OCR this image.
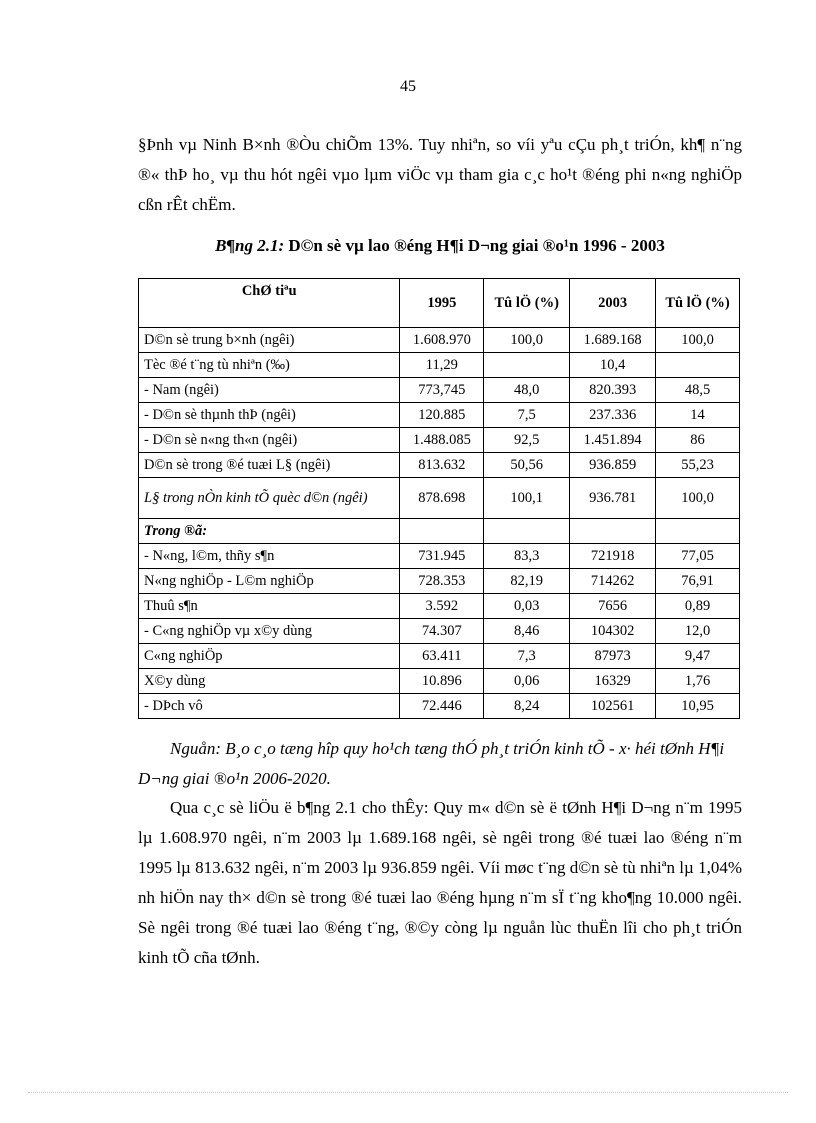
45

§Þnh vµ Ninh B×nh ®Òu chiÕm 13%. Tuy nhiªn, so víi yªu cÇu ph¸t triÓn, kh¶ n¨ng ®« thÞ ho¸ vµ thu hót ngêi vµo lµm viÖc vµ tham gia c¸c ho¹t ®éng phi n«ng nghiÖp cßn rÊt chËm.

B¶ng 2.1: D©n sè vµ lao ®éng H¶i D¬ng giai ®o¹n 1996 - 2003
ChØ tiªu	1995	Tû lÖ (%)	2003	Tû lÖ (%)
D©n sè trung b×nh (ngêi)	1.608.970	100,0	1.689.168	100,0
Tèc ®é t¨ng tù nhiªn (‰)	11,29		10,4	
- Nam (ngêi)	773,745	48,0	820.393	48,5
- D©n sè thµnh thÞ (ngêi)	120.885	7,5	237.336	14
- D©n sè n«ng th«n (ngêi)	1.488.085	92,5	1.451.894	86
D©n sè trong ®é tuæi L§ (ngêi)	813.632	50,56	936.859	55,23
L§ trong nÒn kinh tÕ quèc d©n (ngêi)	878.698	100,1	936.781	100,0
Trong ®ã:				
- N«ng, l©m, thñy s¶n	731.945	83,3	721918	77,05
N«ng nghiÖp - L©m nghiÖp	728.353	82,19	714262	76,91
Thuû s¶n	3.592	0,03	7656	0,89
- C«ng nghiÖp vµ x©y dùng	74.307	8,46	104302	12,0
C«ng nghiÖp	63.411	7,3	87973	9,47
X©y dùng	10.896	0,06	16329	1,76
- DÞch vô	72.446	8,24	102561	10,95

Nguån: B¸o c¸o tæng hîp quy ho¹ch tæng thÓ ph¸t triÓn kinh tÕ - x· héi tØnh H¶i D¬ng giai ®o¹n 2006-2020.

Qua c¸c sè liÖu ë b¶ng 2.1 cho thÊy: Quy m« d©n sè ë tØnh H¶i D¬ng n¨m 1995 lµ 1.608.970 ngêi, n¨m 2003 lµ 1.689.168 ngêi, sè ngêi trong ®é tuæi lao ®éng n¨m 1995 lµ 813.632 ngêi, n¨m 2003 lµ 936.859 ngêi. Víi møc t¨ng d©n sè tù nhiªn lµ 1,04% nh hiÖn nay th× d©n sè trong ®é tuæi lao ®éng hµng n¨m sÏ t¨ng kho¶ng 10.000 ngêi. Sè ngêi trong ®é tuæi lao ®éng t¨ng, ®©y còng lµ nguån lùc thuËn lîi cho ph¸t triÓn kinh tÕ cña tØnh.
